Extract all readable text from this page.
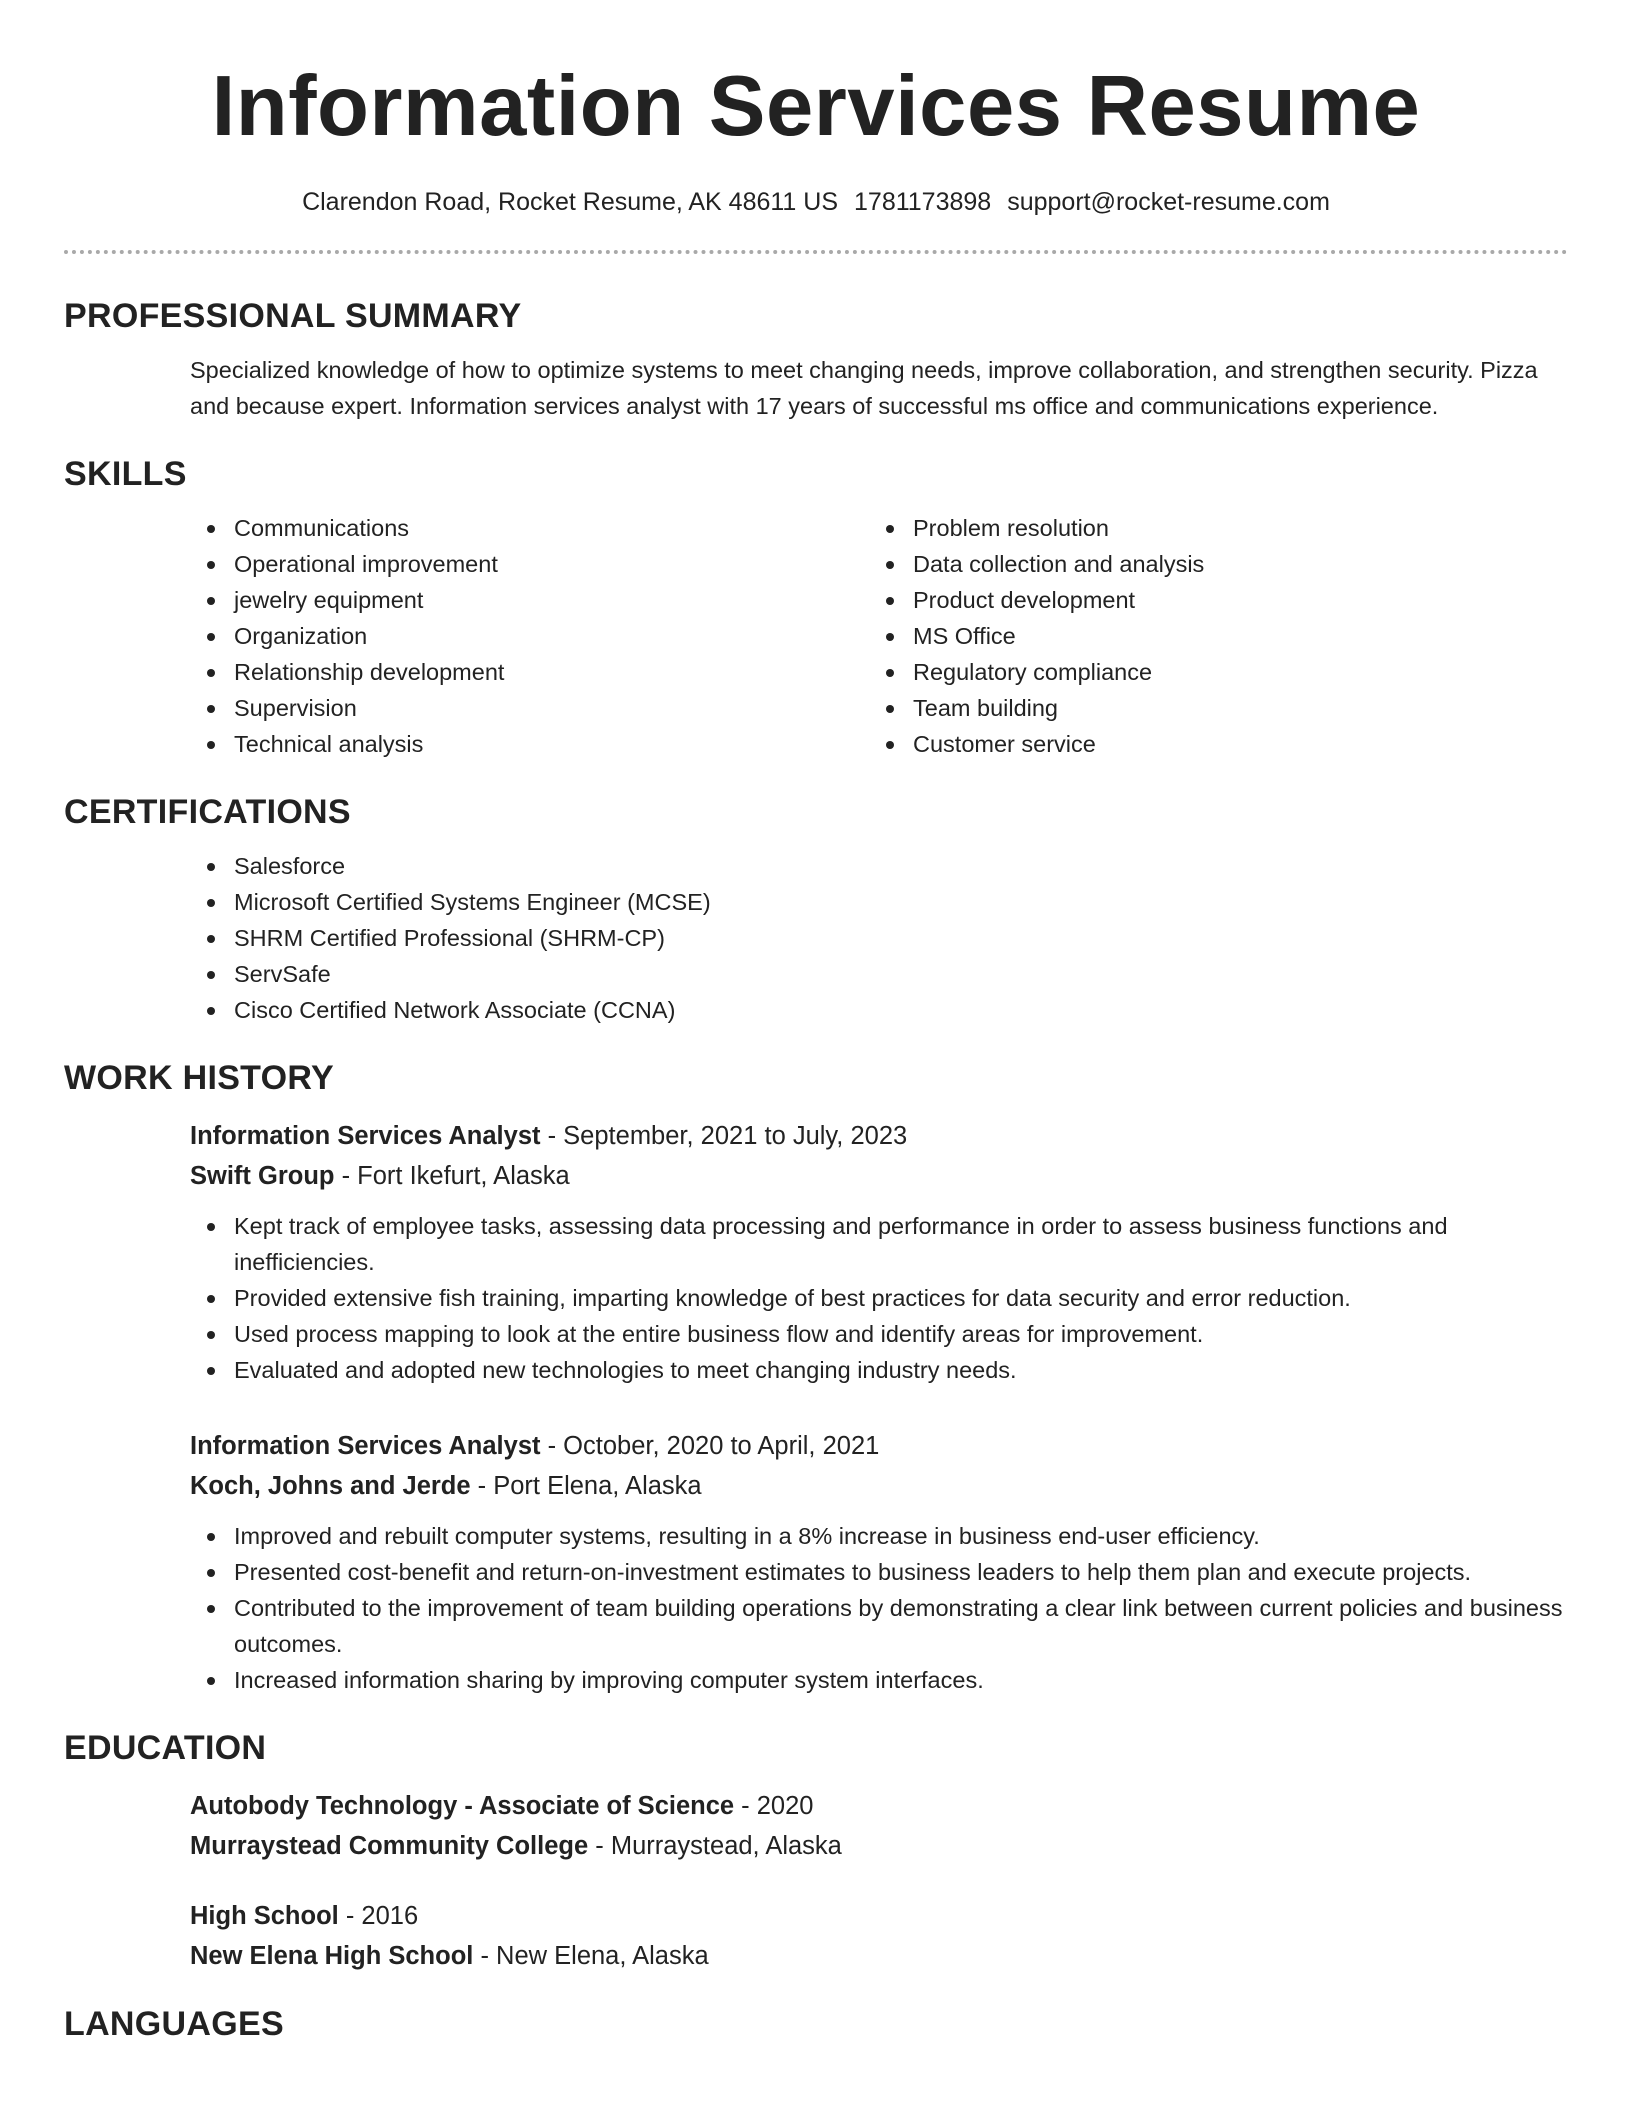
Information Services Resume
Clarendon Road, Rocket Resume, AK 48611 US 1781173898 support@rocket-resume.com
PROFESSIONAL SUMMARY
Specialized knowledge of how to optimize systems to meet changing needs, improve collaboration, and strengthen security. Pizza and because expert. Information services analyst with 17 years of successful ms office and communications experience.
SKILLS
Communications
Operational improvement
jewelry equipment
Organization
Relationship development
Supervision
Technical analysis
Problem resolution
Data collection and analysis
Product development
MS Office
Regulatory compliance
Team building
Customer service
CERTIFICATIONS
Salesforce
Microsoft Certified Systems Engineer (MCSE)
SHRM Certified Professional (SHRM-CP)
ServSafe
Cisco Certified Network Associate (CCNA)
WORK HISTORY
Information Services Analyst - September, 2021 to July, 2023
Swift Group - Fort Ikefurt, Alaska
Kept track of employee tasks, assessing data processing and performance in order to assess business functions and inefficiencies.
Provided extensive fish training, imparting knowledge of best practices for data security and error reduction.
Used process mapping to look at the entire business flow and identify areas for improvement.
Evaluated and adopted new technologies to meet changing industry needs.
Information Services Analyst - October, 2020 to April, 2021
Koch, Johns and Jerde - Port Elena, Alaska
Improved and rebuilt computer systems, resulting in a 8% increase in business end-user efficiency.
Presented cost-benefit and return-on-investment estimates to business leaders to help them plan and execute projects.
Contributed to the improvement of team building operations by demonstrating a clear link between current policies and business outcomes.
Increased information sharing by improving computer system interfaces.
EDUCATION
Autobody Technology - Associate of Science - 2020
Murraystead Community College - Murraystead, Alaska
High School - 2016
New Elena High School - New Elena, Alaska
LANGUAGES
